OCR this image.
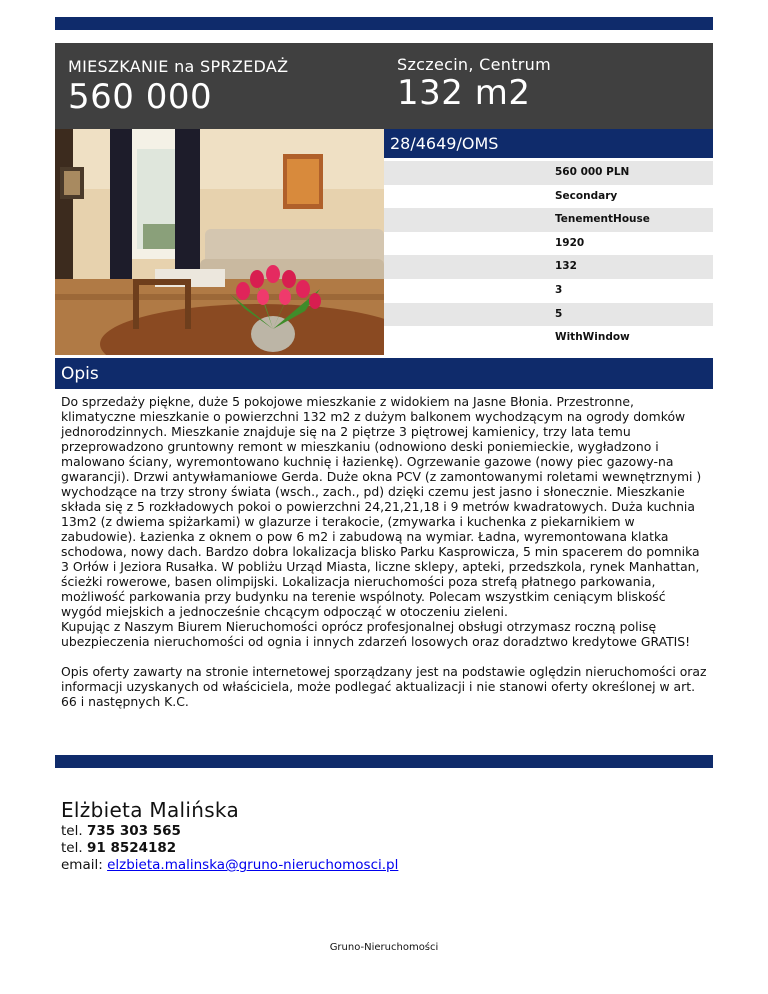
MIESZKANIE na SPRZEDAŻ
560 000
Szczecin, Centrum
132 m2
28/4649/OMS
560 000 PLN
Secondary
TenementHouse
1920
132
3
5
WithWindow
Opis

Do sprzedaży piękne, duże 5 pokojowe mieszkanie z widokiem na Jasne Błonia. Przestronne, klimatyczne mieszkanie o powierzchni 132 m2 z dużym balkonem wychodzącym na ogrody domków jednorodzinnych. Mieszkanie znajduje się na 2 piętrze 3 piętrowej kamienicy, trzy lata temu przeprowadzono gruntowny remont w mieszkaniu (odnowiono deski poniemieckie, wygładzono i malowano ściany, wyremontowano kuchnię i łazienkę). Ogrzewanie gazowe (nowy piec gazowy-na gwarancji). Drzwi antywłamaniowe Gerda. Duże okna PCV (z zamontowanymi roletami wewnętrznymi ) wychodzące na trzy strony świata (wsch., zach., pd) dzięki czemu jest jasno i słonecznie. Mieszkanie składa się z 5 rozkładowych pokoi o powierzchni 24,21,21,18 i 9 metrów kwadratowych. Duża kuchnia 13m2 (z dwiema spiżarkami) w glazurze i terakocie, (zmywarka i kuchenka z piekarnikiem w zabudowie). Łazienka z oknem o pow 6 m2 i zabudową na wymiar. Ładna, wyremontowana klatka schodowa, nowy dach. Bardzo dobra lokalizacja blisko Parku Kasprowicza, 5 min spacerem do pomnika 3 Orłów i Jeziora Rusałka. W pobliżu Urząd Miasta, liczne sklepy, apteki, przedszkola, rynek Manhattan, ścieżki rowerowe, basen olimpijski. Lokalizacja nieruchomości poza strefą płatnego parkowania, możliwość parkowania przy budynku na terenie wspólnoty. Polecam wszystkim ceniącym bliskość wygód miejskich a jednocześnie chcącym odpocząć w otoczeniu zieleni.
Kupując z Naszym Biurem Nieruchomości oprócz profesjonalnej obsługi otrzymasz roczną polisę ubezpieczenia nieruchomości od ognia i innych zdarzeń losowych oraz doradztwo kredytowe GRATIS!

Opis oferty zawarty na stronie internetowej sporządzany jest na podstawie oględzin nieruchomości oraz informacji uzyskanych od właściciela, może podlegać aktualizacji i nie stanowi oferty określonej w art. 66 i następnych K.C.

Elżbieta Malińska
tel. 735 303 565
tel. 91 8524182
email: elzbieta.malinska@gruno-nieruchomosci.pl
Gruno-Nieruchomości
